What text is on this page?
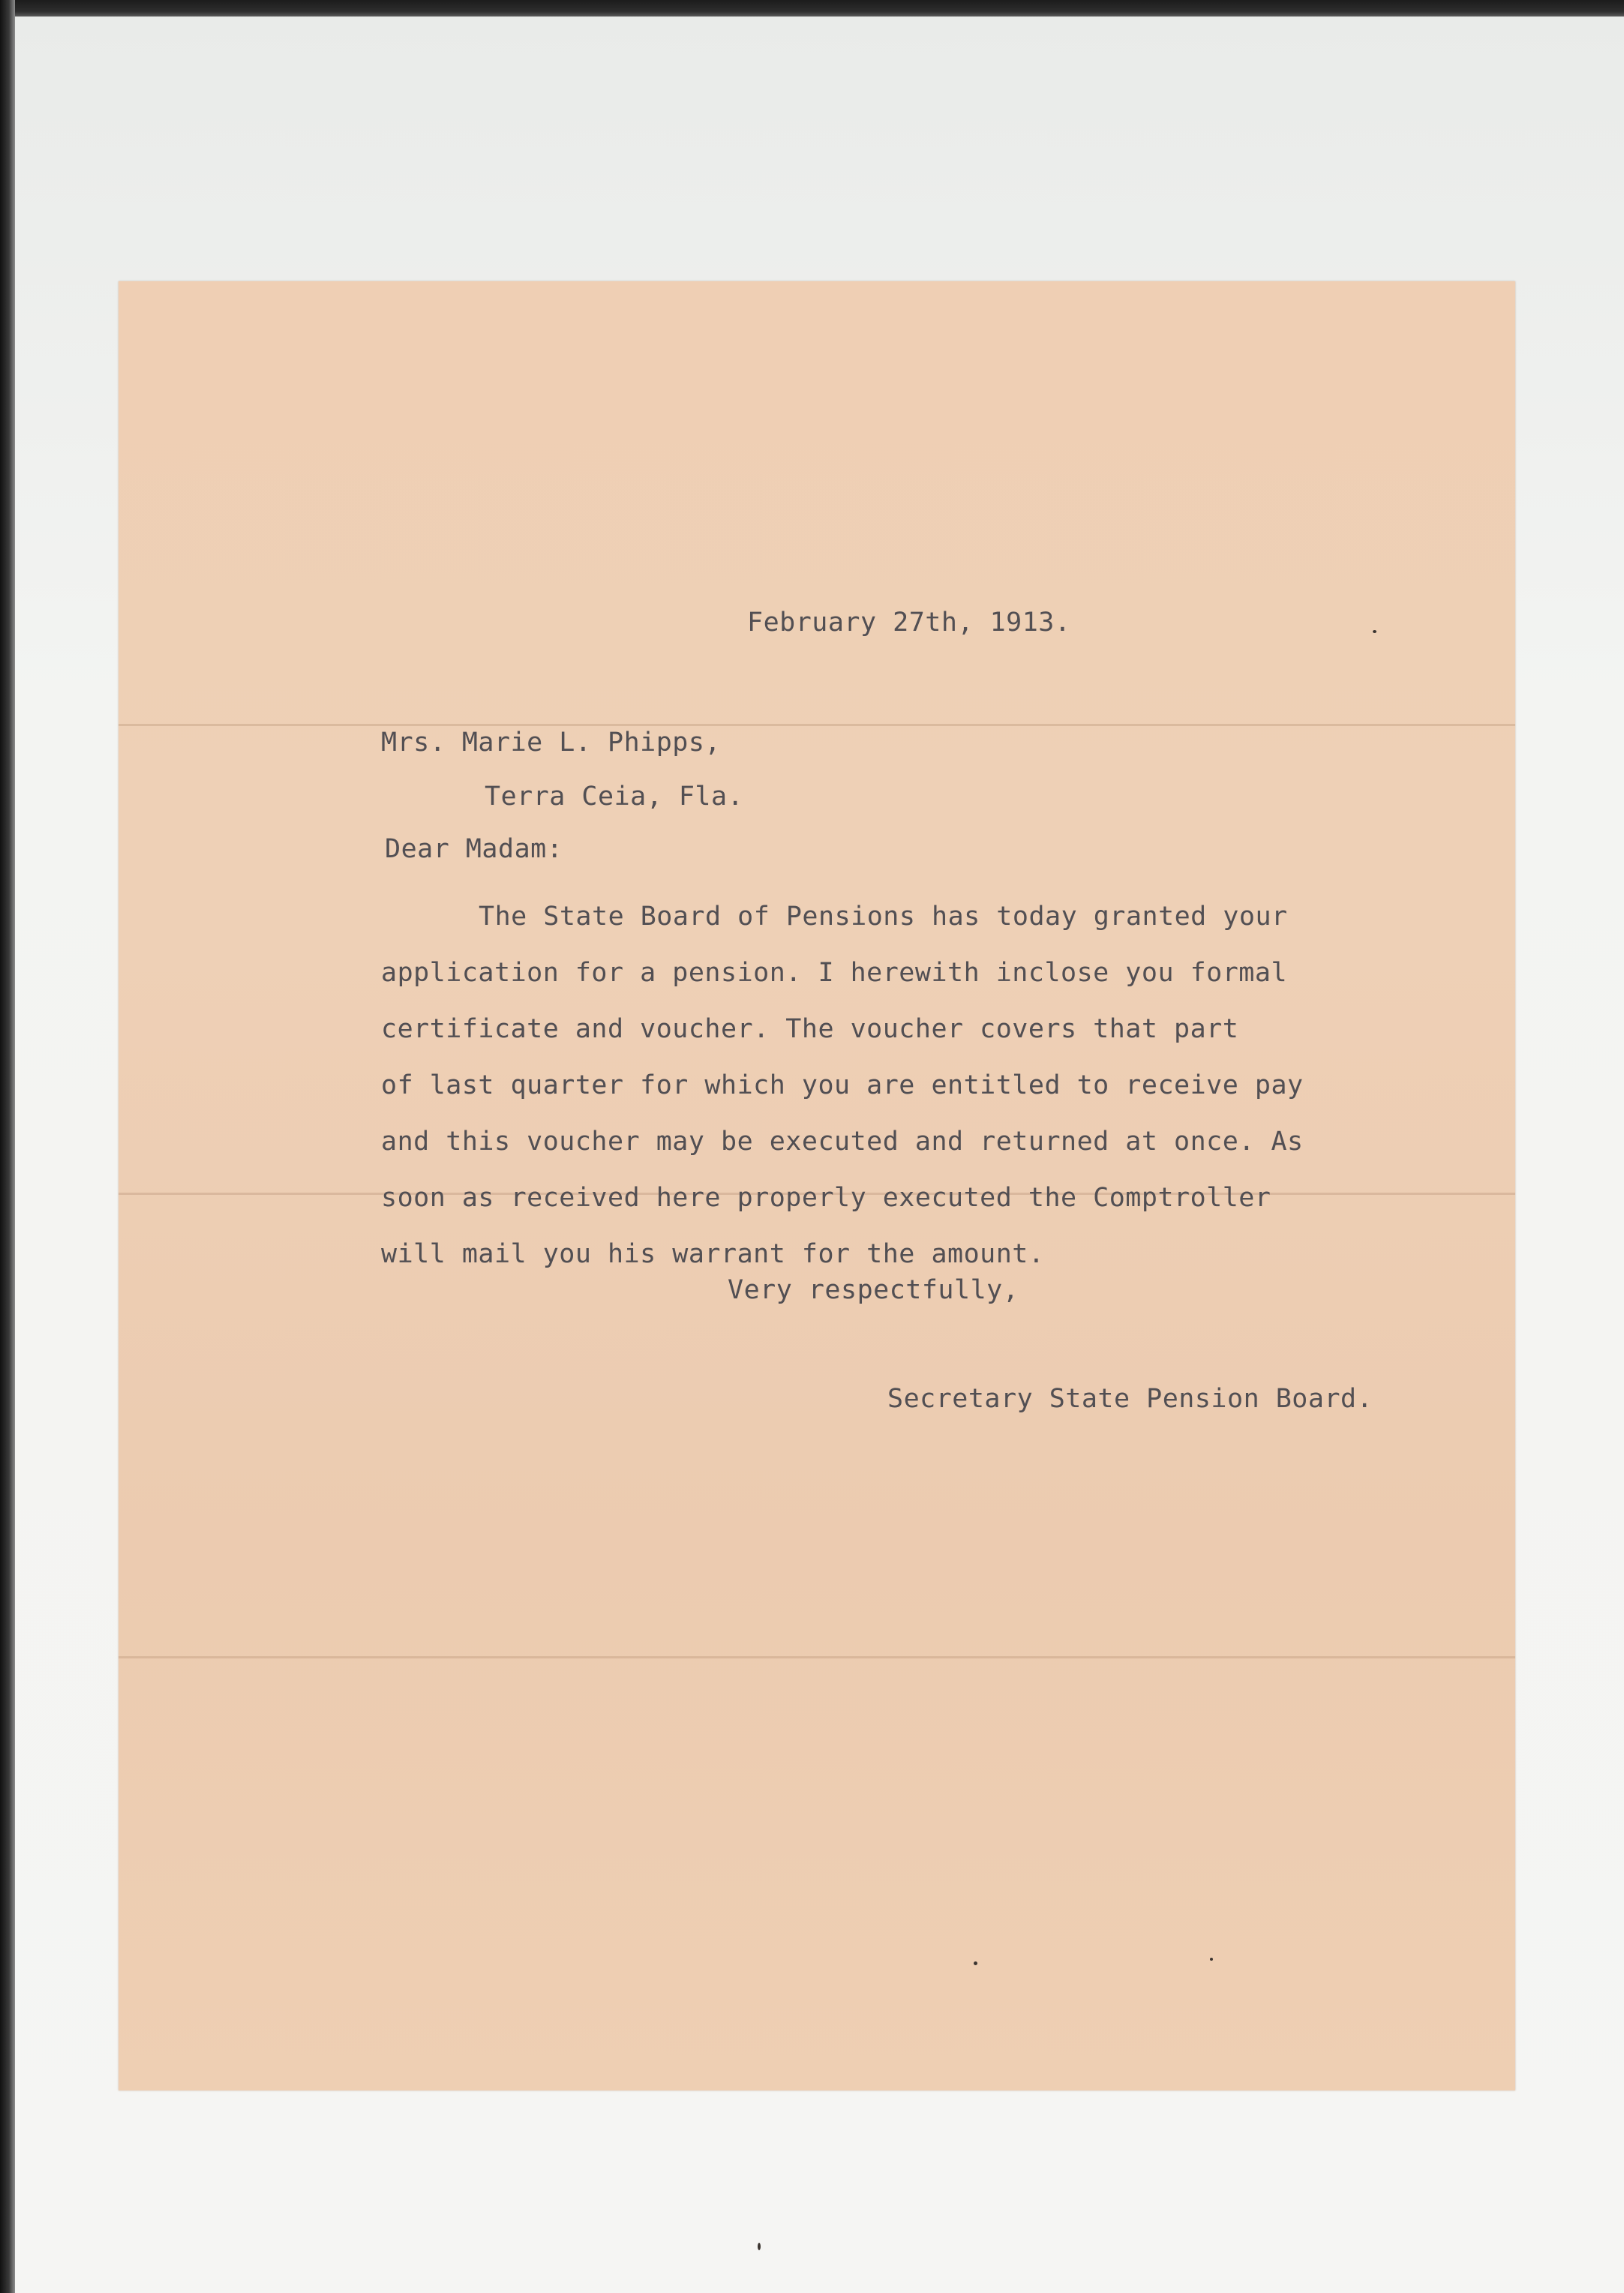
February 27th, 1913.

Mrs. Marie L. Phipps,

Terra Ceia, Fla.

Dear Madam:

The State Board of Pensions has today granted your
application for a pension. I herewith inclose you formal
certificate and voucher. The voucher covers that part
of last quarter for which you are entitled to receive pay
and this voucher may be executed and returned at once. As
soon as received here properly executed the Comptroller
will mail you his warrant for the amount.

Very respectfully,

Secretary State Pension Board.
